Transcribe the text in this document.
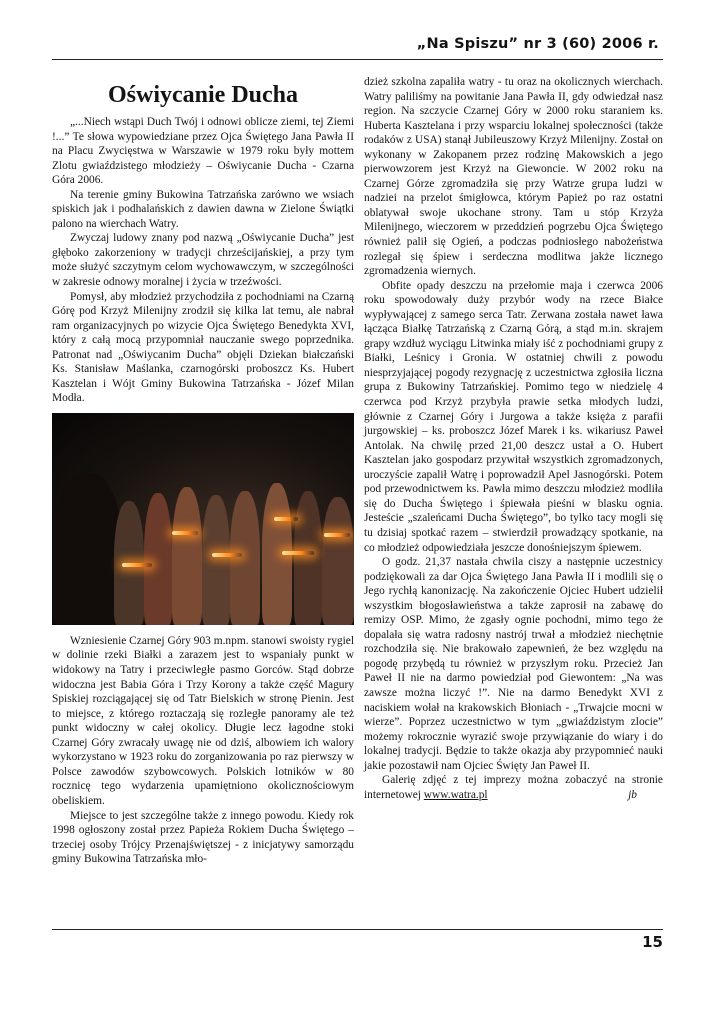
„Na Spiszu” nr 3 (60) 2006 r.
Oświycanie Ducha

„...Niech wstąpi Duch Twój i odnowi oblicze ziemi, tej Ziemi !...” Te słowa wypowiedziane przez Ojca Świętego Jana Pawła II na Placu Zwycięstwa w Warszawie w 1979 roku były mottem Zlotu gwiaździstego młodzieży – Oświycanie Ducha - Czarna Góra 2006.

Na terenie gminy Bukowina Tatrzańska zarówno we wsiach spiskich jak i podhalańskich z dawien dawna w Zielone Świątki palono na wierchach Watry.

Zwyczaj ludowy znany pod nazwą „Oświycanie Ducha” jest głęboko zakorzeniony w tradycji chrześcijańskiej, a przy tym może służyć szczytnym celom wychowawczym, w szczególności w zakresie odnowy moralnej i życia w trzeźwości.

Pomysł, aby młodzież przychodziła z pochodniami na Czarną Górę pod Krzyż Milenijny zrodził się kilka lat temu, ale nabrał ram organizacyjnych po wizycie Ojca Świętego Benedykta XVI, który z całą mocą przypomniał nauczanie swego poprzednika. Patronat nad „Oświycanim Ducha” objęli Dziekan białczański Ks. Stanisław Maślanka, czarnogórski proboszcz Ks. Hubert Kasztelan i Wójt Gminy Bukowina Tatrzańska - Józef Milan Modła.

Wzniesienie Czarnej Góry 903 m.npm. stanowi swoisty rygiel w dolinie rzeki Białki a zarazem jest to wspaniały punkt w widokowy na Tatry i przeciwległe pasmo Gorców. Stąd dobrze widoczna jest Babia Góra i Trzy Korony a także część Magury Spiskiej rozciągającej się od Tatr Bielskich w stronę Pienin. Jest to miejsce, z którego roztaczają się rozległe panoramy ale też punkt widoczny w całej okolicy. Długie lecz łagodne stoki Czarnej Góry zwracały uwagę nie od dziś, albowiem ich walory wykorzystano w 1923 roku do zorganizowania po raz pierwszy w Polsce zawodów szybowcowych. Polskich lotników w 80 rocznicę tego wydarzenia upamiętniono okolicznościowym obeliskiem.

Miejsce to jest szczególne także z innego powodu. Kiedy rok 1998 ogłoszony został przez Papieża Rokiem Ducha Świętego – trzeciej osoby Trójcy Przenajświętszej - z inicjatywy samorządu gminy Bukowina Tatrzańska mło-

dzież szkolna zapaliła watry - tu oraz na okolicznych wierchach. Watry paliliśmy na powitanie Jana Pawła II, gdy odwiedzał nasz region. Na szczycie Czarnej Góry w 2000 roku staraniem ks. Huberta Kasztelana i przy wsparciu lokalnej społeczności (także rodaków z USA) stanął Jubileuszowy Krzyż Milenijny. Został on wykonany w Zakopanem przez rodzinę Makowskich a jego pierwowzorem jest Krzyż na Giewoncie. W 2002 roku na Czarnej Górze zgromadziła się przy Watrze grupa ludzi w nadziei na przelot śmigłowca, którym Papież po raz ostatni oblatywał swoje ukochane strony. Tam u stóp Krzyża Milenijnego, wieczorem w przeddzień pogrzebu Ojca Świętego również palił się Ogień, a podczas podniosłego nabożeństwa rozlegał się śpiew i serdeczna modlitwa jakże licznego zgromadzenia wiernych.

Obfite opady deszczu na przełomie maja i czerwca 2006 roku spowodowały duży przybór wody na rzece Białce wypływającej z samego serca Tatr. Zerwana została nawet ława łącząca Białkę Tatrzańską z Czarną Górą, a stąd m.in. skrajem grapy wzdłuż wyciągu Litwinka miały iść z pochodniami grupy z Białki, Leśnicy i Gronia. W ostatniej chwili z powodu niesprzyjającej pogody rezygnację z uczestnictwa zgłosiła liczna grupa z Bukowiny Tatrzańskiej. Pomimo tego w niedzielę 4 czerwca pod Krzyż przybyła prawie setka młodych ludzi, głównie z Czarnej Góry i Jurgowa a także księża z parafii jurgowskiej – ks. proboszcz Józef Marek i ks. wikariusz Paweł Antolak. Na chwilę przed 21,00 deszcz ustał a O. Hubert Kasztelan jako gospodarz przywitał wszystkich zgromadzonych, uroczyście zapalił Watrę i poprowadził Apel Jasnogórski. Potem pod przewodnictwem ks. Pawła mimo deszczu młodzież modliła się do Ducha Świętego i śpiewała pieśni w blasku ognia. Jesteście „szaleńcami Ducha Świętego”, bo tylko tacy mogli się tu dzisiaj spotkać razem – stwierdził prowadzący spotkanie, na co młodzież odpowiedziała jeszcze donośniejszym śpiewem.

O godz. 21,37 nastała chwila ciszy a następnie uczestnicy podziękowali za dar Ojca Świętego Jana Pawła II i modlili się o Jego rychłą kanonizację. Na zakończenie Ojciec Hubert udzielił wszystkim błogosławieństwa a także zaprosił na zabawę do remizy OSP. Mimo, że zgasły ognie pochodni, mimo tego że dopalała się watra radosny nastrój trwał a młodzież niechętnie rozchodziła się. Nie brakowało zapewnień, że bez względu na pogodę przybędą tu również w przyszłym roku. Przecież Jan Paweł II nie na darmo powiedział pod Giewontem: „Na was zawsze można liczyć !”. Nie na darmo Benedykt XVI z naciskiem wołał na krakowskich Błoniach - „Trwajcie mocni w wierze”. Poprzez uczestnictwo w tym „gwiaździstym zlocie” możemy rokrocznie wyrazić swoje przywiązanie do wiary i do lokalnej tradycji. Będzie to także okazja aby przypomnieć nauki jakie pozostawił nam Ojciec Święty Jan Paweł II.

Galerię zdjęć z tej imprezy można zobaczyć na stronie internetowej www.watra.pl	jb

15
